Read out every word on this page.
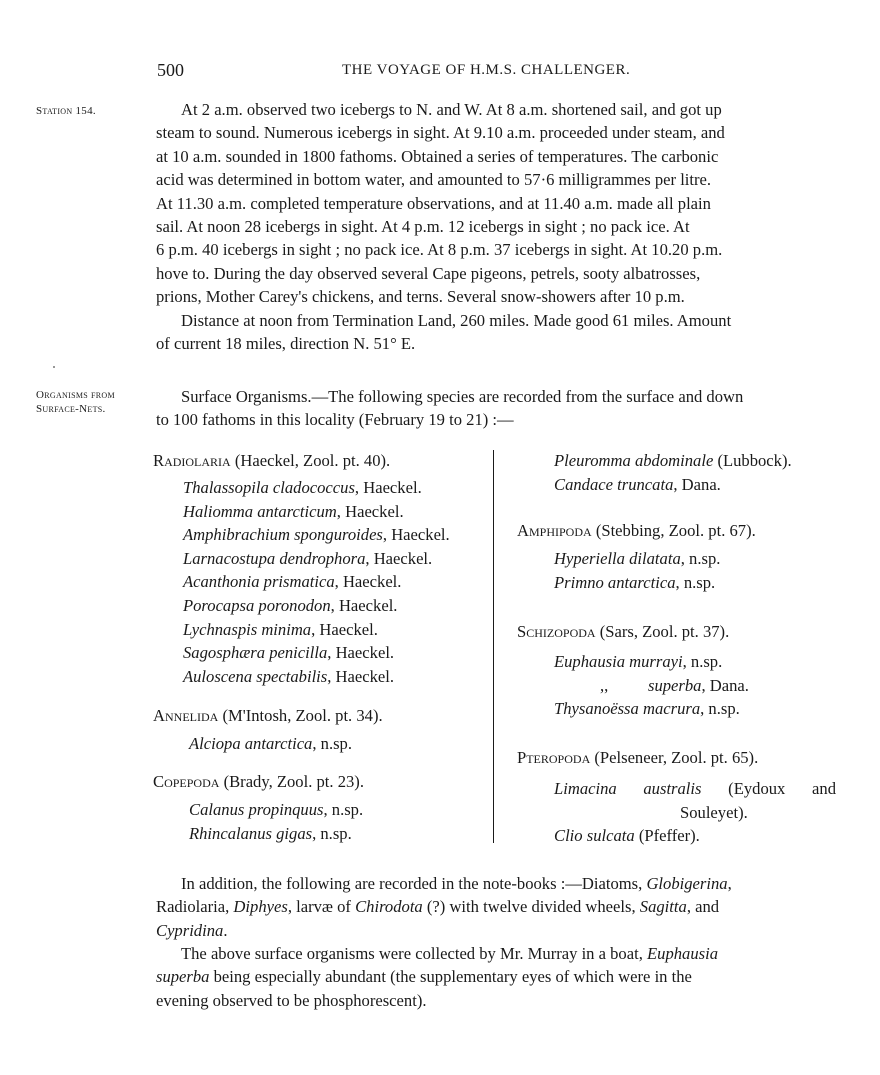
500	THE VOYAGE OF H.M.S. CHALLENGER.
Station 154.
Organisms from
Surface-Nets.
At 2 a.m. observed two icebergs to N. and W. At 8 a.m. shortened sail, and got up
steam to sound. Numerous icebergs in sight. At 9.10 a.m. proceeded under steam, and
at 10 a.m. sounded in 1800 fathoms. Obtained a series of temperatures. The carbonic
acid was determined in bottom water, and amounted to 57·6 milligrammes per litre.
At 11.30 a.m. completed temperature observations, and at 11.40 a.m. made all plain
sail. At noon 28 icebergs in sight. At 4 p.m. 12 icebergs in sight ; no pack ice. At
6 p.m. 40 icebergs in sight ; no pack ice. At 8 p.m. 37 icebergs in sight. At 10.20 p.m.
hove to. During the day observed several Cape pigeons, petrels, sooty albatrosses,
prions, Mother Carey's chickens, and terns. Several snow-showers after 10 p.m.
Distance at noon from Termination Land, 260 miles. Made good 61 miles. Amount
of current 18 miles, direction N. 51° E.
Surface Organisms.—The following species are recorded from the surface and down
to 100 fathoms in this locality (February 19 to 21) :—
Radiolaria (Haeckel, Zool. pt. 40).
Thalassopila cladococcus, Haeckel.
Haliomma antarcticum, Haeckel.
Amphibrachium sponguroides, Haeckel.
Larnacostupa dendrophora, Haeckel.
Acanthonia prismatica, Haeckel.
Porocapsa poronodon, Haeckel.
Lychnaspis minima, Haeckel.
Sagosphæra penicilla, Haeckel.
Auloscena spectabilis, Haeckel.
Annelida (M'Intosh, Zool. pt. 34).
Alciopa antarctica, n.sp.
Copepoda (Brady, Zool. pt. 23).
Calanus propinquus, n.sp.
Rhincalanus gigas, n.sp.
Pleuromma abdominale (Lubbock).
Candace truncata, Dana.
Amphipoda (Stebbing, Zool. pt. 67).
Hyperiella dilatata, n.sp.
Primno antarctica, n.sp.
Schizopoda (Sars, Zool. pt. 37).
Euphausia murrayi, n.sp.
,, superba, Dana.
Thysanoëssa macrura, n.sp.
Pteropoda (Pelseneer, Zool. pt. 65).
Limacina australis (Eydoux and
Souleyet).
Clio sulcata (Pfeffer).
In addition, the following are recorded in the note-books :—Diatoms, Globigerina,
Radiolaria, Diphyes, larvæ of Chirodota (?) with twelve divided wheels, Sagitta, and
Cypridina.
The above surface organisms were collected by Mr. Murray in a boat, Euphausia
superba being especially abundant (the supplementary eyes of which were in the
evening observed to be phosphorescent).
